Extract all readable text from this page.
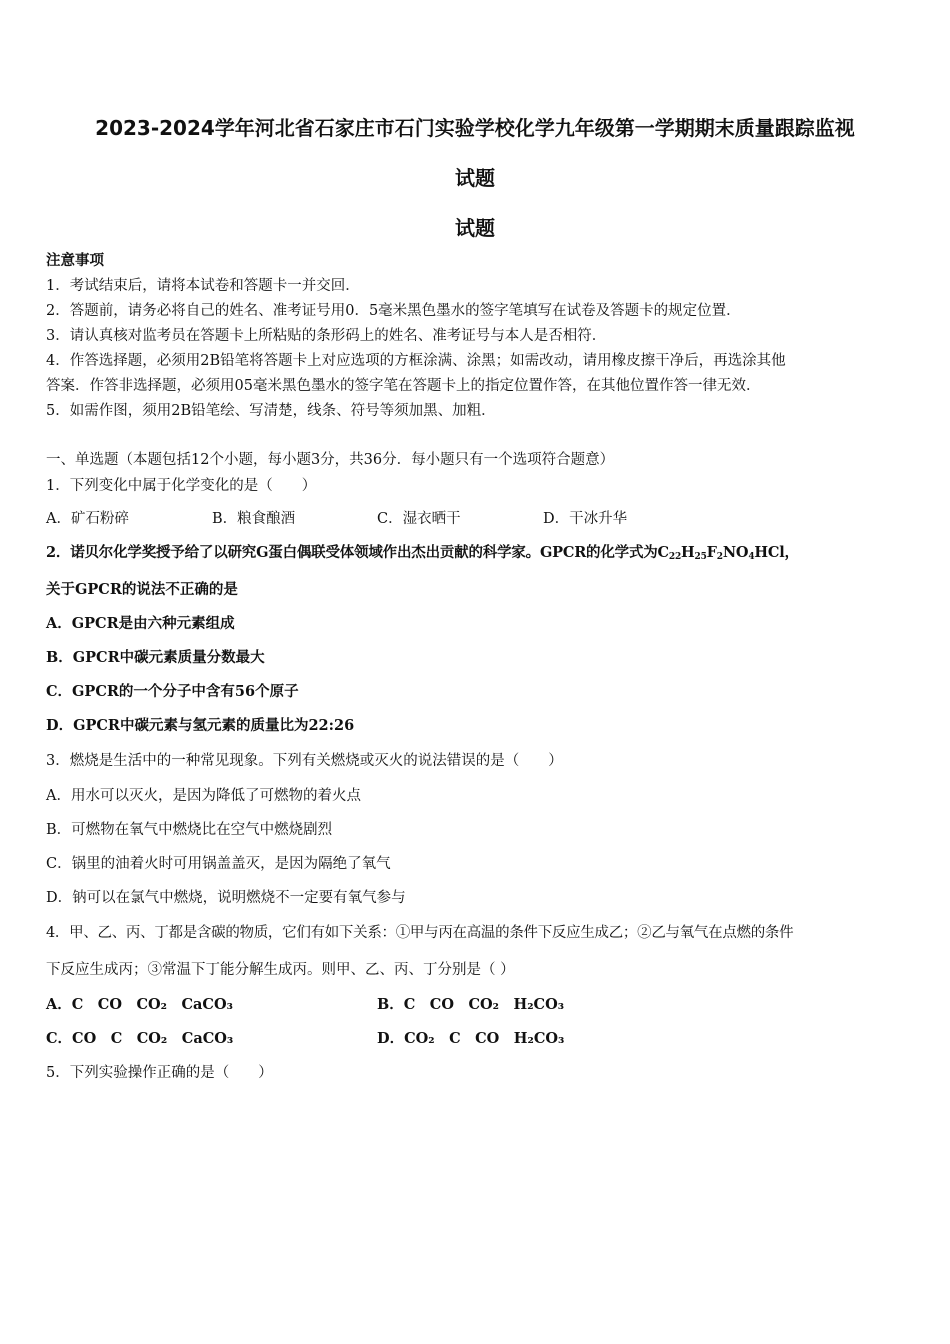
2023-2024学年河北省石家庄市石门实验学校化学九年级第一学期期末质量跟踪监视
试题
试题
注意事项
1．考试结束后，请将本试卷和答题卡一并交回．
2．答题前，请务必将自己的姓名、准考证号用0．5毫米黑色墨水的签字笔填写在试卷及答题卡的规定位置．
3．请认真核对监考员在答题卡上所粘贴的条形码上的姓名、准考证号与本人是否相符．
4．作答选择题，必须用2B铅笔将答题卡上对应选项的方框涂满、涂黑；如需改动，请用橡皮擦干净后，再选涂其他
答案．作答非选择题，必须用05毫米黑色墨水的签字笔在答题卡上的指定位置作答，在其他位置作答一律无效．
5．如需作图，须用2B铅笔绘、写清楚，线条、符号等须加黑、加粗．
一、单选题（本题包括12个小题，每小题3分，共36分．每小题只有一个选项符合题意）
1．下列变化中属于化学变化的是（　　）
A．矿石粉碎	B．粮食酿酒	C．湿衣晒干	D．干冰升华
2．诺贝尔化学奖授予给了以研究G蛋白偶联受体领域作出杰出贡献的科学家。GPCR的化学式为$C_{22}H_{25}F_2NO_4HCl$，
关于GPCR的说法不正确的是
A．GPCR是由六种元素组成
B．GPCR中碳元素质量分数最大
C．GPCR的一个分子中含有56个原子
D．GPCR中碳元素与氢元素的质量比为22:26
3．燃烧是生活中的一种常见现象。下列有关燃烧或灭火的说法错误的是（　　）
A．用水可以灭火，是因为降低了可燃物的着火点
B．可燃物在氧气中燃烧比在空气中燃烧剧烈
C．锅里的油着火时可用锅盖盖灭，是因为隔绝了氧气
D．钠可以在氯气中燃烧，说明燃烧不一定要有氧气参与
4．甲、乙、丙、丁都是含碳的物质，它们有如下关系：①甲与丙在高温的条件下反应生成乙；②乙与氧气在点燃的条件
下反应生成丙；③常温下丁能分解生成丙。则甲、乙、丙、丁分别是（ ）
A．C　CO　CO₂　CaCO₃	B．C　CO　CO₂　H₂CO₃
C．CO　C　CO₂　CaCO₃	D．CO₂　C　CO　H₂CO₃
5．下列实验操作正确的是（　　）
